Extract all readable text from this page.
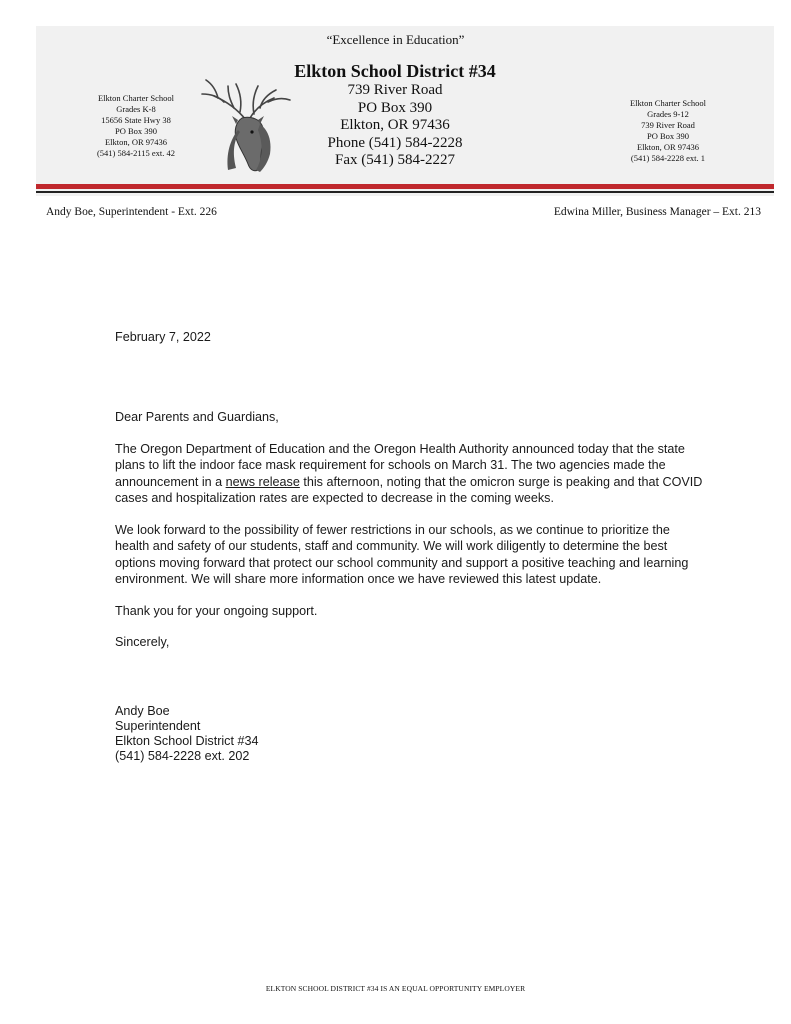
“Excellence in Education”
Elkton School District #34
739 River Road
PO Box 390
Elkton, OR 97436
Phone (541) 584-2228
Fax (541) 584-2227
Elkton Charter School
Grades K-8
15656 State Hwy 38
PO Box 390
Elkton, OR 97436
(541) 584-2115 ext. 42
Elkton Charter School
Grades 9-12
739 River Road
PO Box 390
Elkton, OR 97436
(541) 584-2228 ext. 1
Andy Boe, Superintendent - Ext. 226	Edwina Miller, Business Manager – Ext. 213
February 7, 2022

Dear Parents and Guardians,

The Oregon Department of Education and the Oregon Health Authority announced today that the state plans to lift the indoor face mask requirement for schools on March 31. The two agencies made the announcement in a news release this afternoon, noting that the omicron surge is peaking and that COVID cases and hospitalization rates are expected to decrease in the coming weeks.

We look forward to the possibility of fewer restrictions in our schools, as we continue to prioritize the health and safety of our students, staff and community. We will work diligently to determine the best options moving forward that protect our school community and support a positive teaching and learning environment. We will share more information once we have reviewed this latest update.

Thank you for your ongoing support.

Sincerely,

Andy Boe
Superintendent
Elkton School District #34
(541) 584-2228 ext. 202
ELKTON SCHOOL DISTRICT #34 IS AN EQUAL OPPORTUNITY EMPLOYER
